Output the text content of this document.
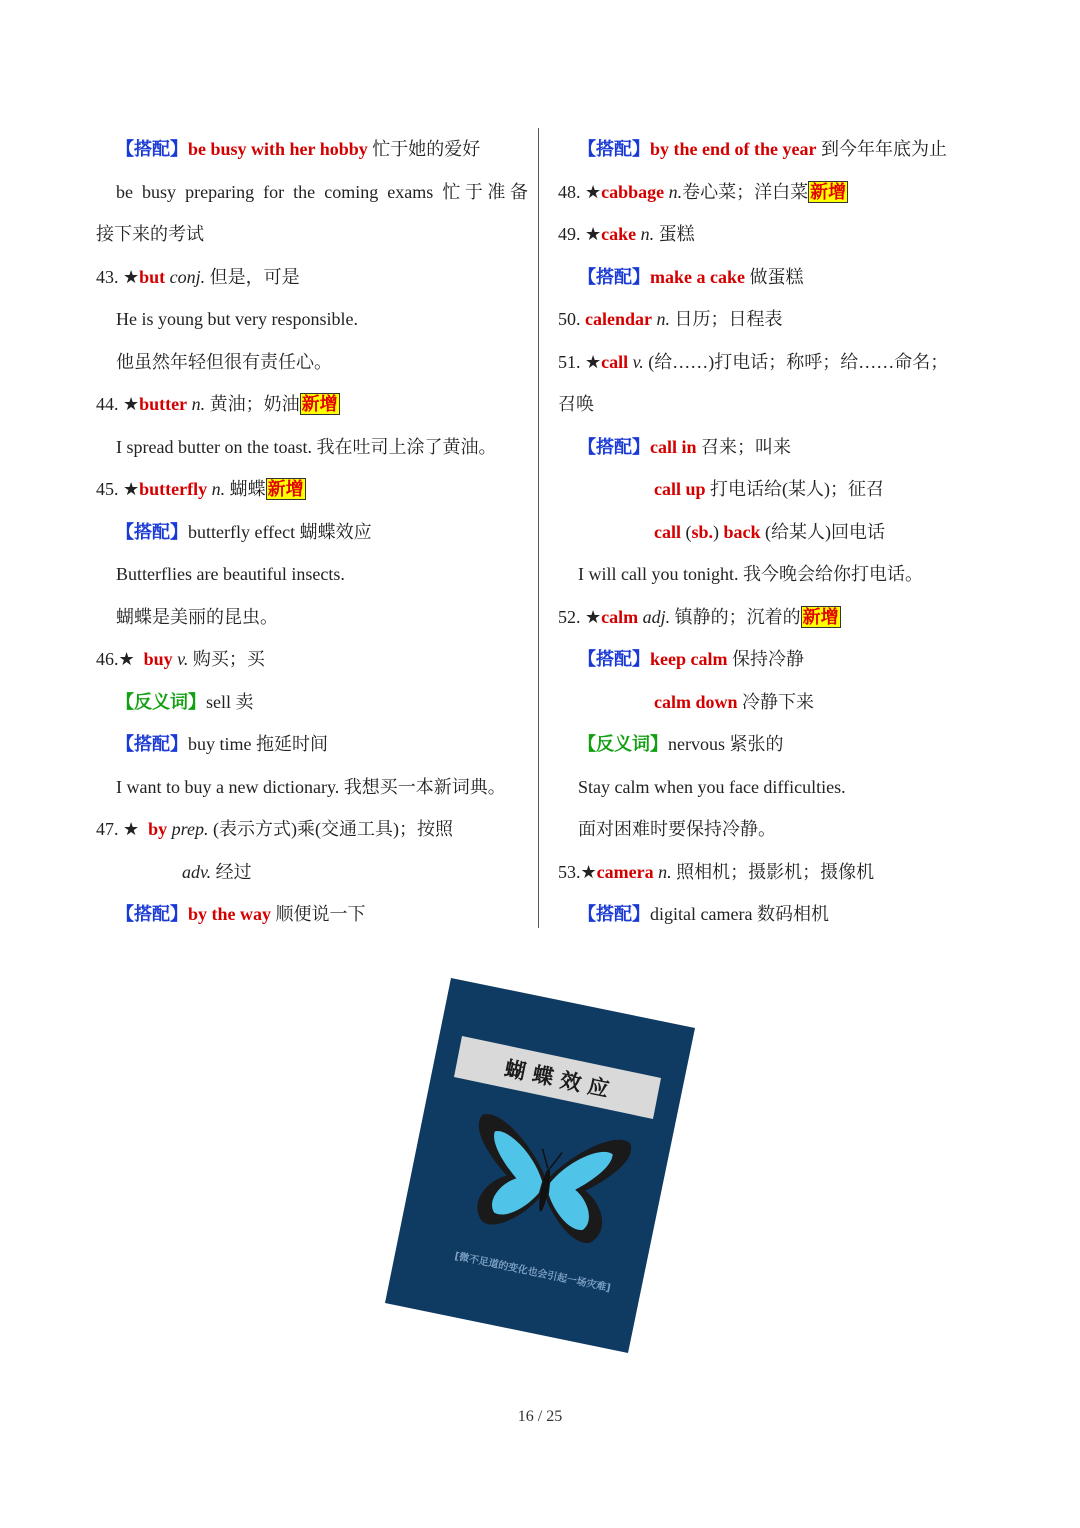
【搭配】be busy with her hobby 忙于她的爱好
be busy preparing for the coming exams 忙于准备
接下来的考试
43. ★but conj. 但是，可是
He is young but very responsible.
他虽然年轻但很有责任心。
44. ★butter n. 黄油；奶油 新增
I spread butter on the toast. 我在吐司上涂了黄油。
45. ★butterfly n. 蝴蝶 新增
【搭配】butterfly effect 蝴蝶效应
Butterflies are beautiful insects.
蝴蝶是美丽的昆虫。
46.★  buy v. 购买；买
【反义词】sell 卖
【搭配】buy time 拖延时间
I want to buy a new dictionary. 我想买一本新词典。
47. ★  by prep. (表示方式)乘(交通工具)；按照
adv. 经过
【搭配】by the way 顺便说一下
【搭配】by the end of the year 到今年年底为止
48. ★cabbage n.卷心菜；洋白菜 新增
49. ★cake n. 蛋糕
【搭配】make a cake 做蛋糕
50. calendar n. 日历；日程表
51. ★call v. (给……)打电话；称呼；给……命名；
召唤
【搭配】call in 召来；叫来
call up 打电话给(某人)；征召
call (sb.) back (给某人)回电话
I will call you tonight. 我今晚会给你打电话。
52. ★calm adj. 镇静的；沉着的 新增
【搭配】keep calm 保持冷静
calm down 冷静下来
【反义词】nervous 紧张的
Stay calm when you face difficulties.
面对困难时要保持冷静。
53.★camera n. 照相机；摄影机；摄像机
【搭配】digital camera 数码相机
蝴 蝶 效 应
[微不足道的变化也会引起一场灾难]
16 / 25
